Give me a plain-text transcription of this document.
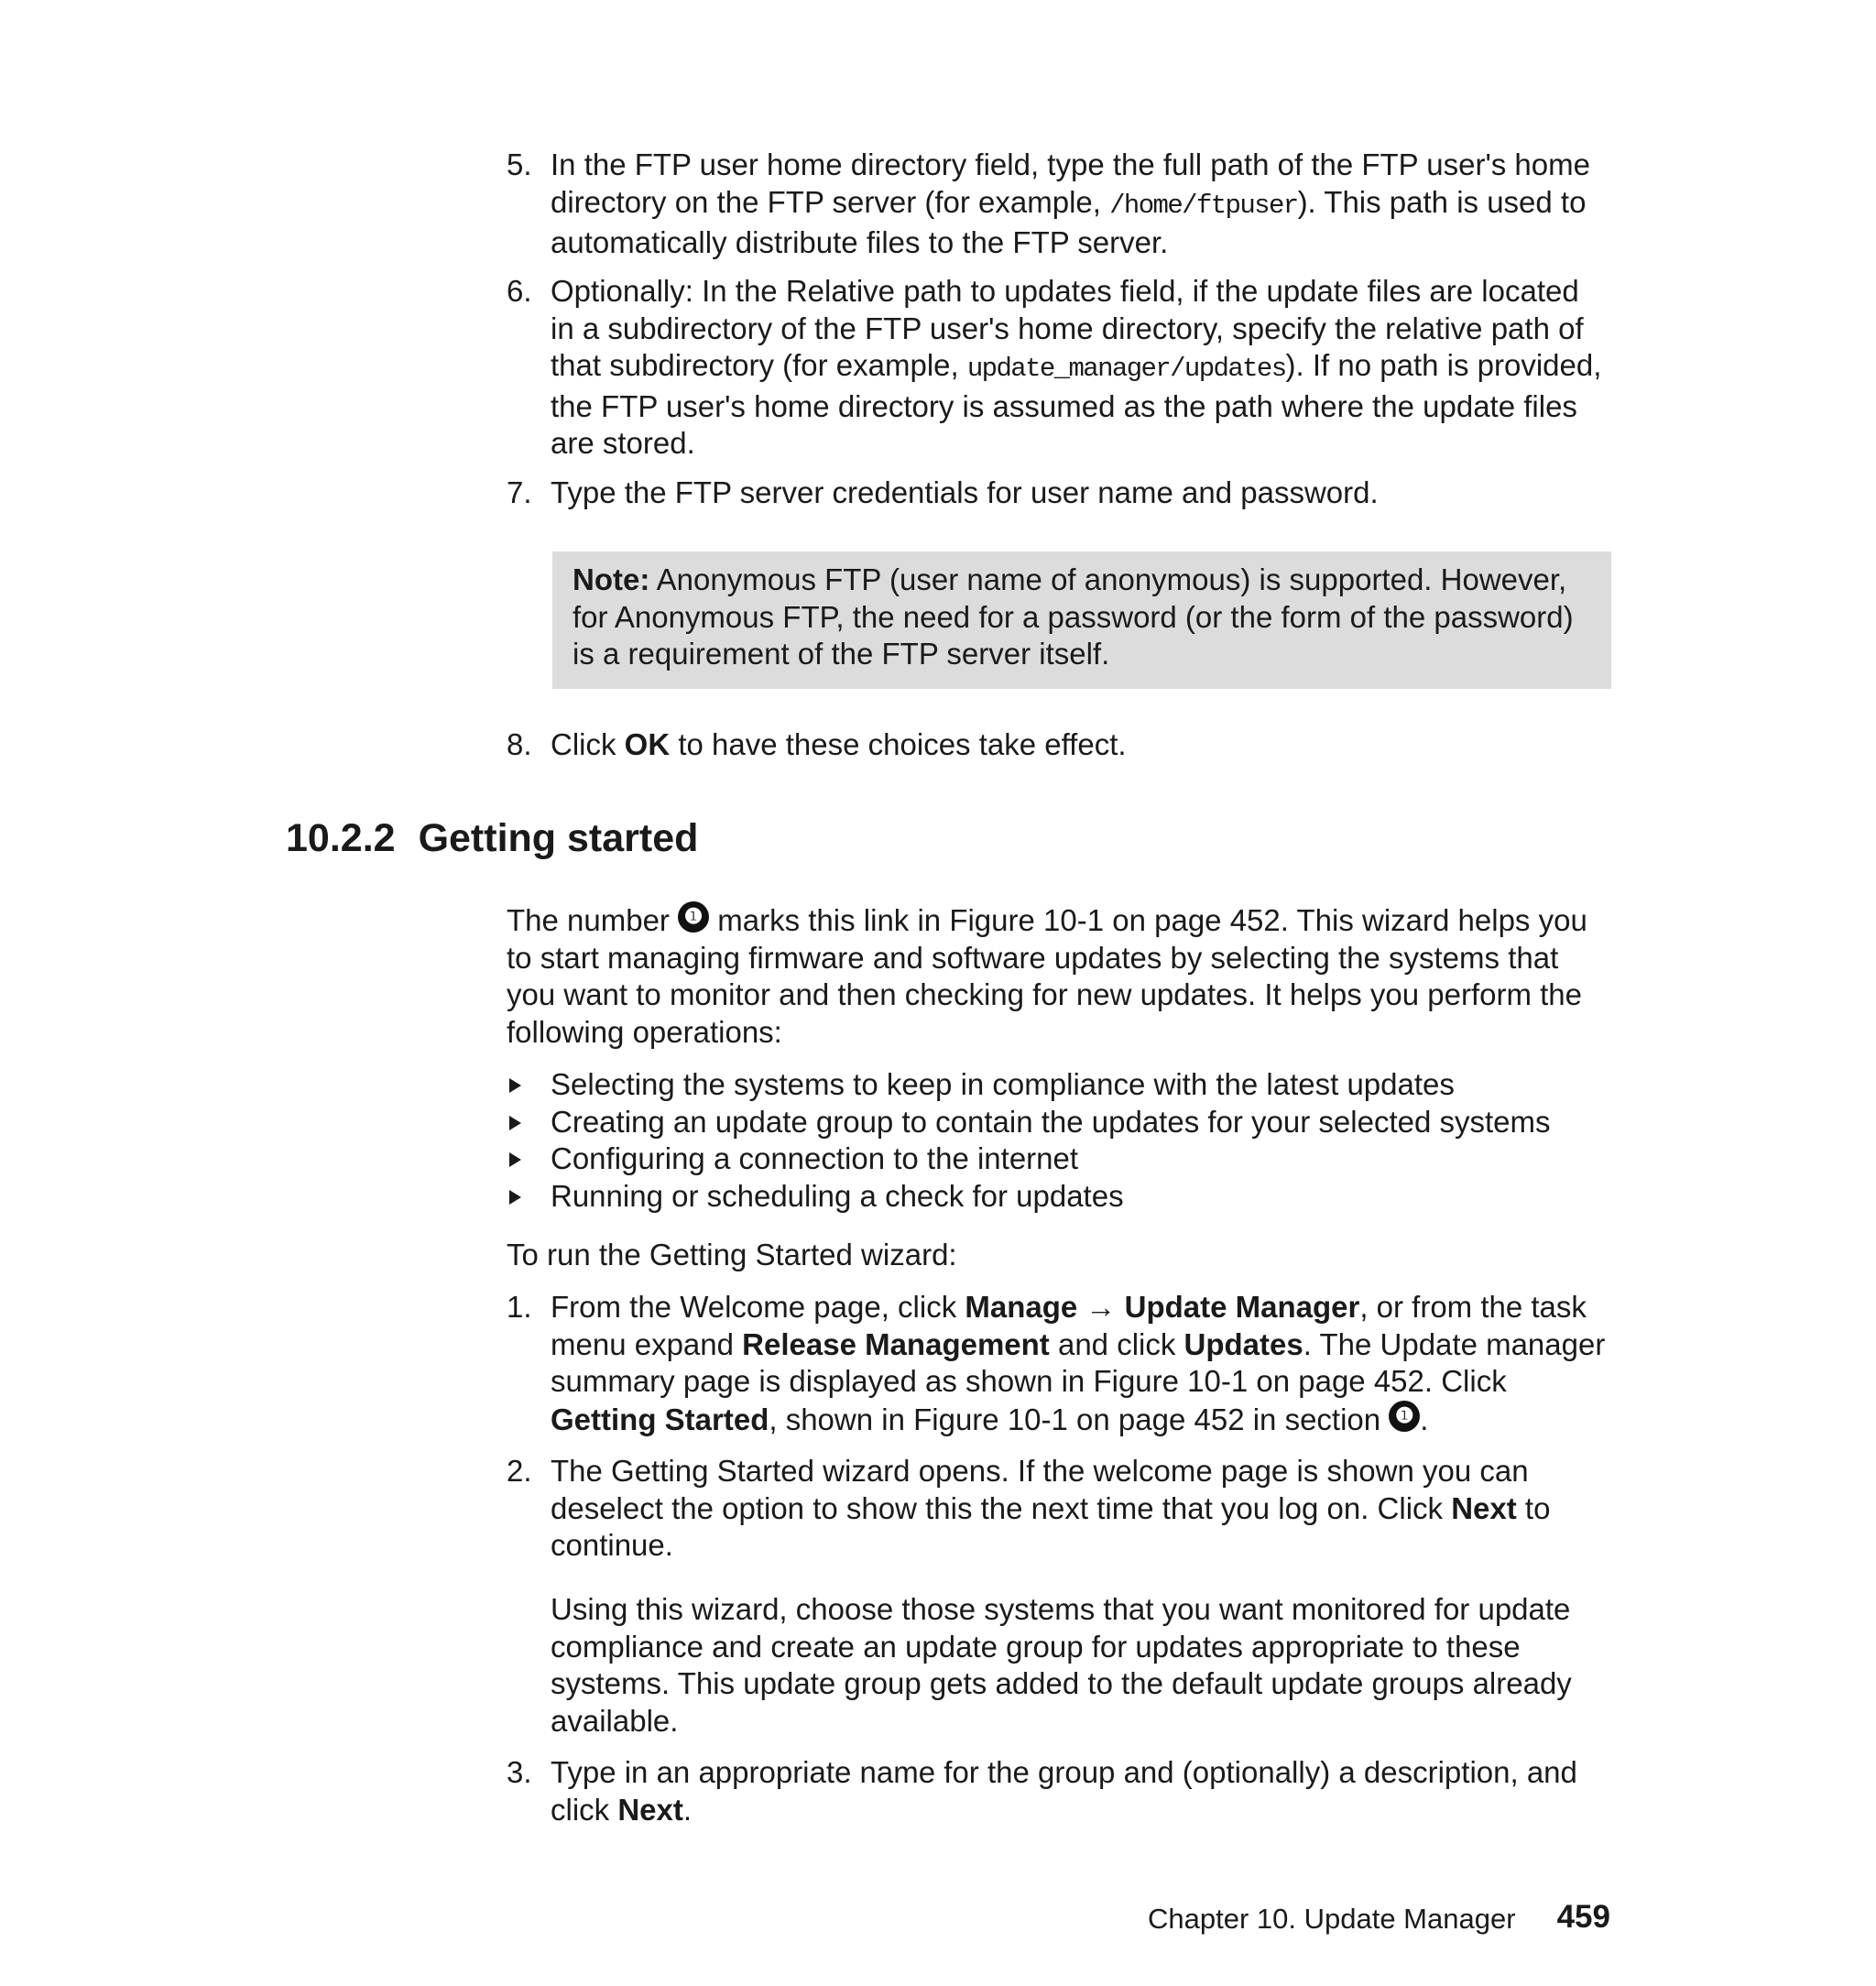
5. In the FTP user home directory field, type the full path of the FTP user's home directory on the FTP server (for example, /home/ftpuser). This path is used to automatically distribute files to the FTP server.
6. Optionally: In the Relative path to updates field, if the update files are located in a subdirectory of the FTP user's home directory, specify the relative path of that subdirectory (for example, update_manager/updates). If no path is provided, the FTP user's home directory is assumed as the path where the update files are stored.
7. Type the FTP server credentials for user name and password.
Note: Anonymous FTP (user name of anonymous) is supported. However, for Anonymous FTP, the need for a password (or the form of the password) is a requirement of the FTP server itself.
8. Click OK to have these choices take effect.
10.2.2 Getting started
The number ❶ marks this link in Figure 10-1 on page 452. This wizard helps you to start managing firmware and software updates by selecting the systems that you want to monitor and then checking for new updates. It helps you perform the following operations:
Selecting the systems to keep in compliance with the latest updates
Creating an update group to contain the updates for your selected systems
Configuring a connection to the internet
Running or scheduling a check for updates
To run the Getting Started wizard:
1. From the Welcome page, click Manage → Update Manager, or from the task menu expand Release Management and click Updates. The Update manager summary page is displayed as shown in Figure 10-1 on page 452. Click Getting Started, shown in Figure 10-1 on page 452 in section ❶ .
2. The Getting Started wizard opens. If the welcome page is shown you can deselect the option to show this the next time that you log on. Click Next to continue.
Using this wizard, choose those systems that you want monitored for update compliance and create an update group for updates appropriate to these systems. This update group gets added to the default update groups already available.
3. Type in an appropriate name for the group and (optionally) a description, and click Next.
Chapter 10. Update Manager 459
